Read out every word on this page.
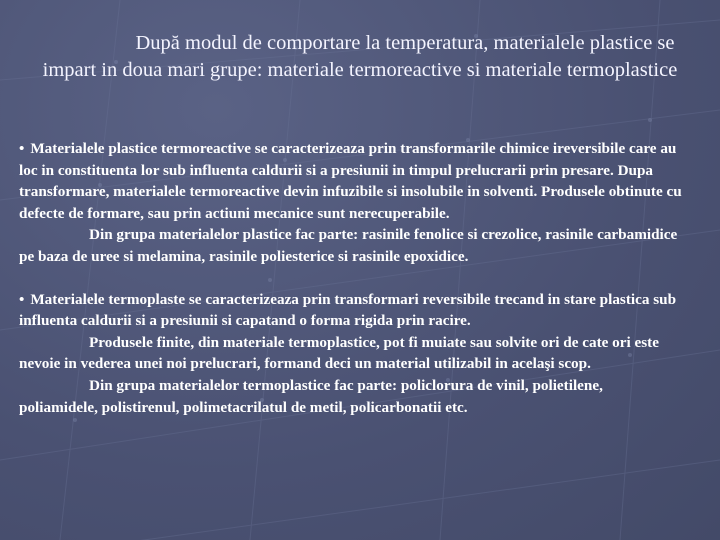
După modul de comportare la temperatura, materialele plastice se impart in doua mari grupe: materiale termoreactive si materiale termoplastice

• Materialele plastice termoreactive se caracterizeaza prin transformarile chimice ireversibile care au loc in constituenta lor sub influenta caldurii si a presiunii in timpul prelucrarii prin presare. Dupa transformare, materialele termoreactive devin infuzibile si insolubile in solventi. Produsele obtinute cu defecte de formare, sau prin actiuni mecanice sunt nerecuperabile.

Din grupa materialelor plastice fac parte: rasinile fenolice si crezolice, rasinile carbamidice pe baza de uree si melamina, rasinile poliesterice si rasinile epoxidice.

• Materialele termoplaste se caracterizeaza prin transformari reversibile trecand in stare plastica sub influenta caldurii si a presiunii si capatand o forma rigida prin racire.

Produsele finite, din materiale termoplastice, pot fi muiate sau solvite ori de cate ori este nevoie in vederea unei noi prelucrari, formand deci un material utilizabil in acelaşi scop.

Din grupa materialelor termoplastice fac parte: policlorura de vinil, polietilene, poliamidele, polistirenul, polimetacrilatul de metil, policarbonatii etc.
